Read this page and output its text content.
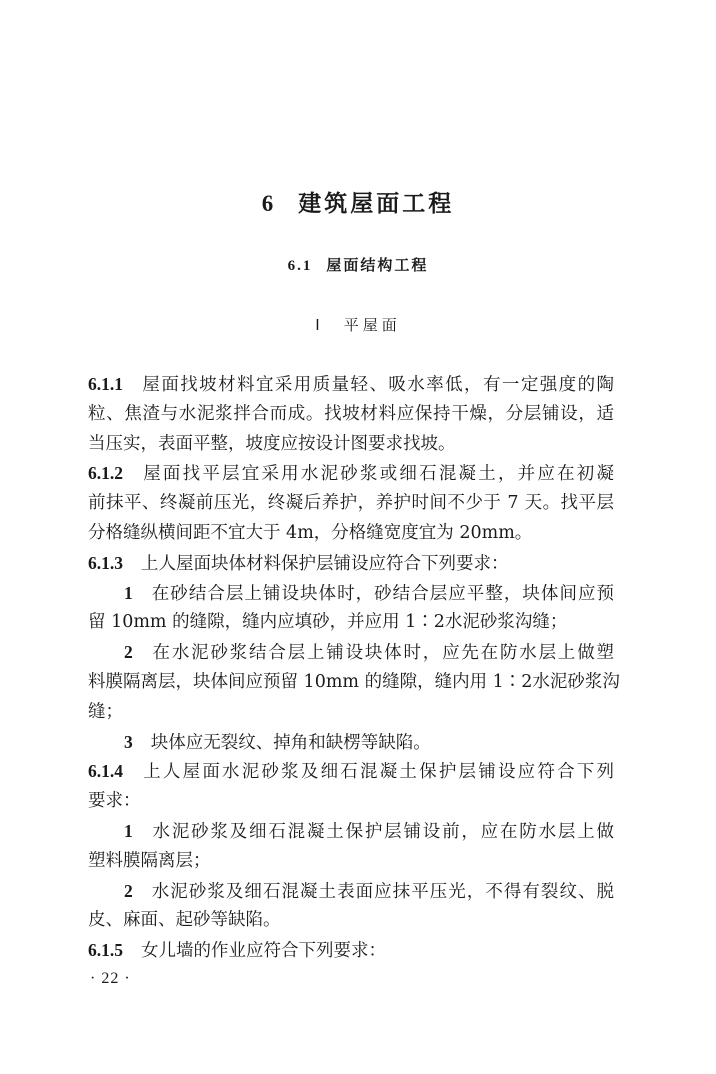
6 建筑屋面工程
6.1 屋面结构工程
Ⅰ 平屋面
6.1.1 屋面找坡材料宜采用质量轻、吸水率低，有一定强度的陶
粒、焦渣与水泥浆拌合而成。找坡材料应保持干燥，分层铺设，适
当压实，表面平整，坡度应按设计图要求找坡。
6.1.2 屋面找平层宜采用水泥砂浆或细石混凝土，并应在初凝
前抹平、终凝前压光，终凝后养护，养护时间不少于 7 天。找平层
分格缝纵横间距不宜大于 4m，分格缝宽度宜为 20mm。
6.1.3 上人屋面块体材料保护层铺设应符合下列要求：
1 在砂结合层上铺设块体时，砂结合层应平整，块体间应预
留 10mm 的缝隙，缝内应填砂，并应用 1∶2水泥砂浆沟缝；
2 在水泥砂浆结合层上铺设块体时，应先在防水层上做塑
料膜隔离层，块体间应预留 10mm 的缝隙，缝内用 1∶2水泥砂浆沟
缝；
3 块体应无裂纹、掉角和缺楞等缺陷。
6.1.4 上人屋面水泥砂浆及细石混凝土保护层铺设应符合下列
要求：
1 水泥砂浆及细石混凝土保护层铺设前，应在防水层上做
塑料膜隔离层；
2 水泥砂浆及细石混凝土表面应抹平压光，不得有裂纹、脱
皮、麻面、起砂等缺陷。
6.1.5 女儿墙的作业应符合下列要求：
· 22 ·
